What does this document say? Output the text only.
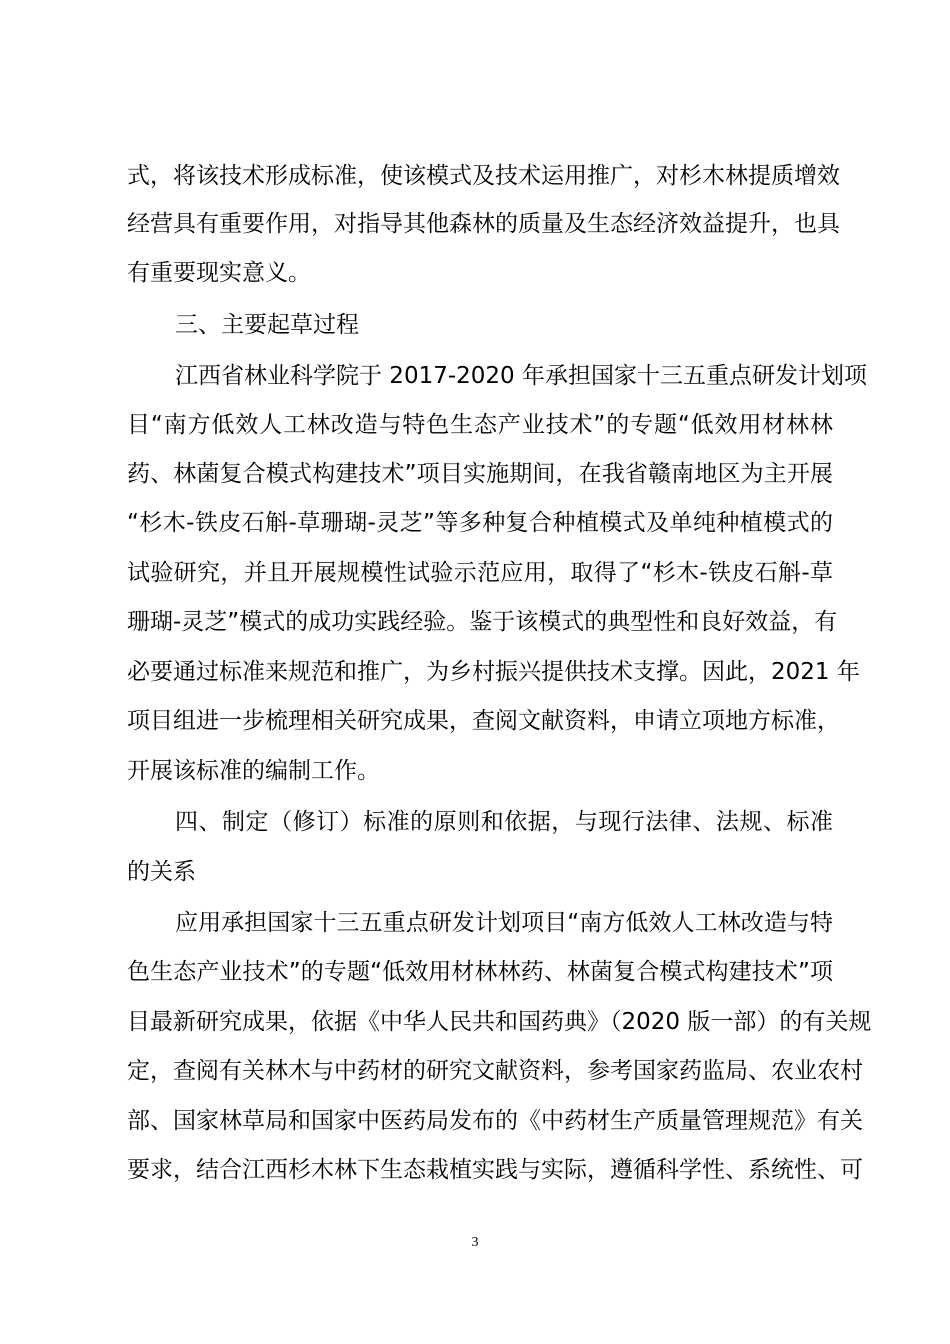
式，将该技术形成标准，使该模式及技术运用推广，对杉木林提质增效
经营具有重要作用，对指导其他森林的质量及生态经济效益提升，也具
有重要现实意义。
三、主要起草过程
江西省林业科学院于 2017-2020 年承担国家十三五重点研发计划项
目“南方低效人工林改造与特色生态产业技术”的专题“低效用材林林
药、林菌复合模式构建技术”项目实施期间，在我省赣南地区为主开展
“杉木-铁皮石斛-草珊瑚-灵芝”等多种复合种植模式及单纯种植模式的
试验研究，并且开展规模性试验示范应用，取得了“杉木-铁皮石斛-草
珊瑚-灵芝”模式的成功实践经验。鉴于该模式的典型性和良好效益，有
必要通过标准来规范和推广，为乡村振兴提供技术支撑。因此，2021 年
项目组进一步梳理相关研究成果，查阅文献资料，申请立项地方标准，
开展该标准的编制工作。
四、制定（修订）标准的原则和依据，与现行法律、法规、标准
的关系
应用承担国家十三五重点研发计划项目“南方低效人工林改造与特
色生态产业技术”的专题“低效用材林林药、林菌复合模式构建技术”项
目最新研究成果，依据《中华人民共和国药典》（2020 版一部）的有关规
定，查阅有关林木与中药材的研究文献资料，参考国家药监局、农业农村
部、国家林草局和国家中医药局发布的《中药材生产质量管理规范》有关
要求，结合江西杉木林下生态栽植实践与实际，遵循科学性、系统性、可
3
